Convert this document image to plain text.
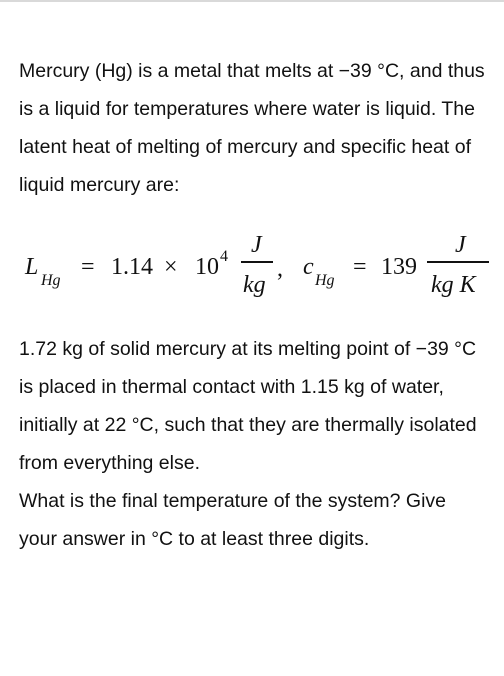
Mercury (Hg) is a metal that melts at −39 °C, and thus is a liquid for temperatures where water is liquid. The latent heat of melting of mercury and specific heat of liquid mercury are:

L
Hg
= 1.14 × 10 4 J
kg
, c
Hg
= 139
J
kg K

1.72 kg of solid mercury at its melting point of −39 °C is placed in thermal contact with 1.15 kg of water, initially at 22 °C, such that they are thermally isolated from everything else.

What is the final temperature of the system? Give your answer in °C to at least three digits.
